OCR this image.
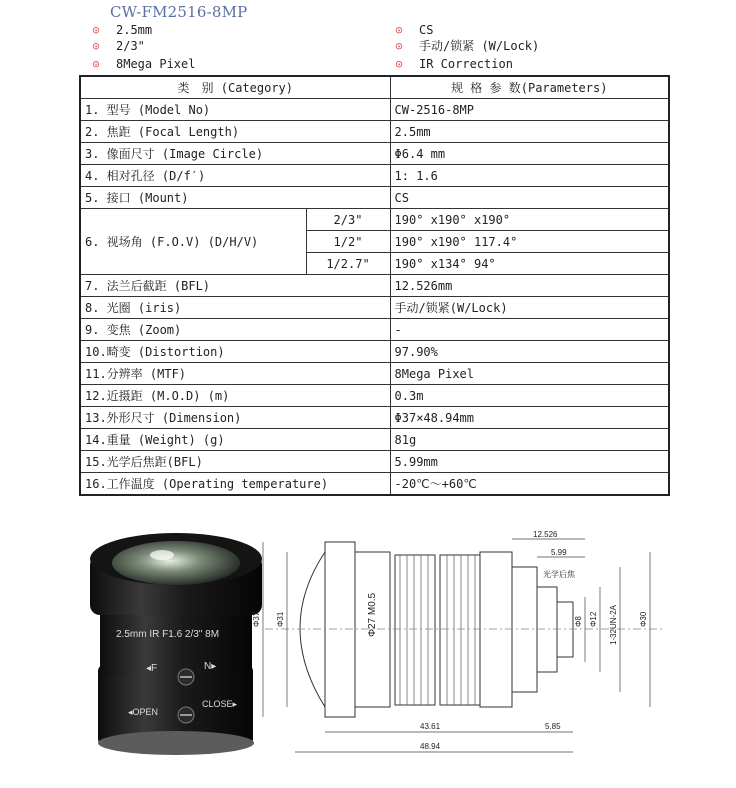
CW-FM2516-8MP
⊙ 2.5mm
⊙ 2/3"
⊙ 8Mega Pixel
⊙ CS
⊙ 手动/锁紧 (W/Lock)
⊙ IR Correction
类　别 (Category)		规 格 参 数(Parameters)
1. 型号 (Model No)		CW-2516-8MP
2. 焦距 (Focal Length)		2.5mm
3. 像面尺寸 (Image Circle)		Φ6.4 mm
4. 相对孔径 (D/f′)		1: 1.6
5. 接口 (Mount)		CS
6. 视场角 (F.O.V) (D/H/V)	2/3"	190° x190° x190°
	1/2"	190° x190° 117.4°
	1/2.7"	190° x134° 94°
7. 法兰后截距 (BFL)		12.526mm
8. 光圈 (iris)		手动/锁紧(W/Lock)
9. 变焦 (Zoom)		-
10.畸变 (Distortion)		97.90%
11.分辨率 (MTF)		8Mega Pixel
12.近摄距 (M.O.D) (m)		0.3m
13.外形尺寸 (Dimension)		Φ37×48.94mm
14.重量 (Weight) (g)		81g
15.光学后焦距(BFL)		5.99mm
16.工作温度 (Operating temperature)		-20℃～+60℃
2.5mm IR F1.6 2/3" 8M
◂F	N▸
◂OPEN
CLOSE▸
Φ37 Φ31	Φ27 M0.5	Φ8 Φ12 1-32UN-2A	Φ30
12.526
5.99
光学后焦
43.61	5.85
48.94
